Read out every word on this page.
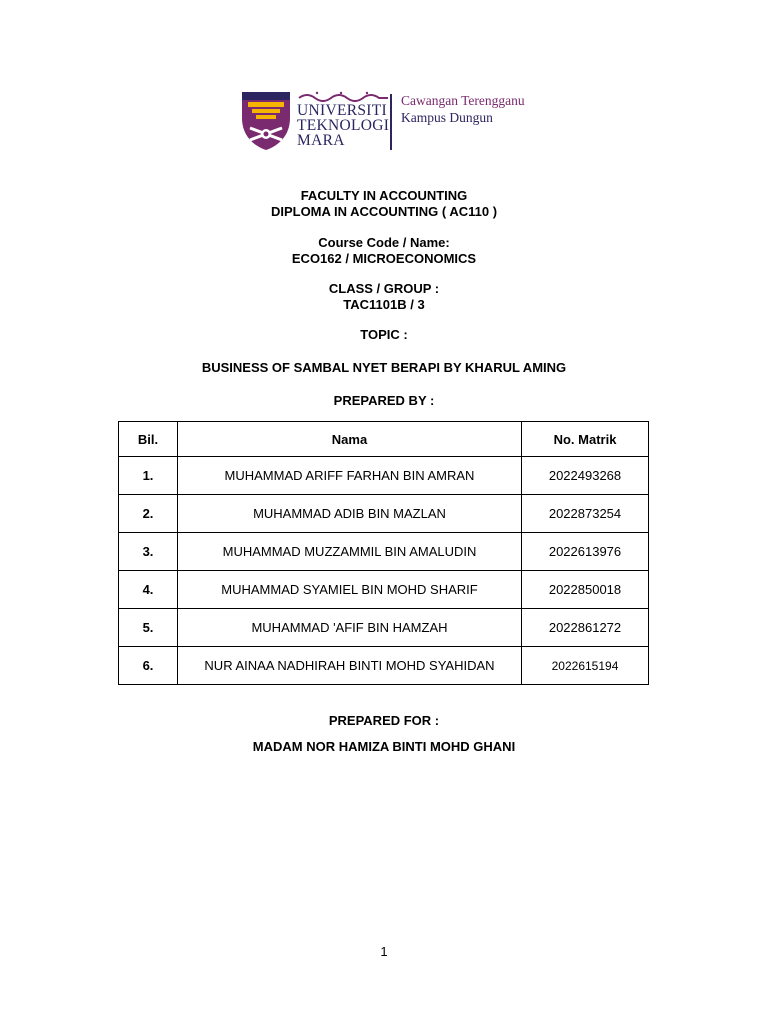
UNIVERSITI
TEKNOLOGI
MARA
Cawangan Terengganu
Kampus Dungun
FACULTY IN ACCOUNTING
DIPLOMA IN ACCOUNTING ( AC110 )
Course Code / Name:
ECO162 / MICROECONOMICS
CLASS / GROUP :
TAC1101B / 3
TOPIC :
BUSINESS OF SAMBAL NYET BERAPI BY KHARUL AMING
PREPARED BY :
Bil.	Nama	No. Matrik
1.	MUHAMMAD ARIFF FARHAN BIN AMRAN	2022493268
2.	MUHAMMAD ADIB BIN MAZLAN	2022873254
3.	MUHAMMAD MUZZAMMIL BIN AMALUDIN	2022613976
4.	MUHAMMAD SYAMIEL BIN MOHD SHARIF	2022850018
5.	MUHAMMAD 'AFIF BIN HAMZAH	2022861272
6.	NUR AINAA NADHIRAH BINTI MOHD SYAHIDAN	2022615194
PREPARED FOR :
MADAM NOR HAMIZA BINTI MOHD GHANI
1
